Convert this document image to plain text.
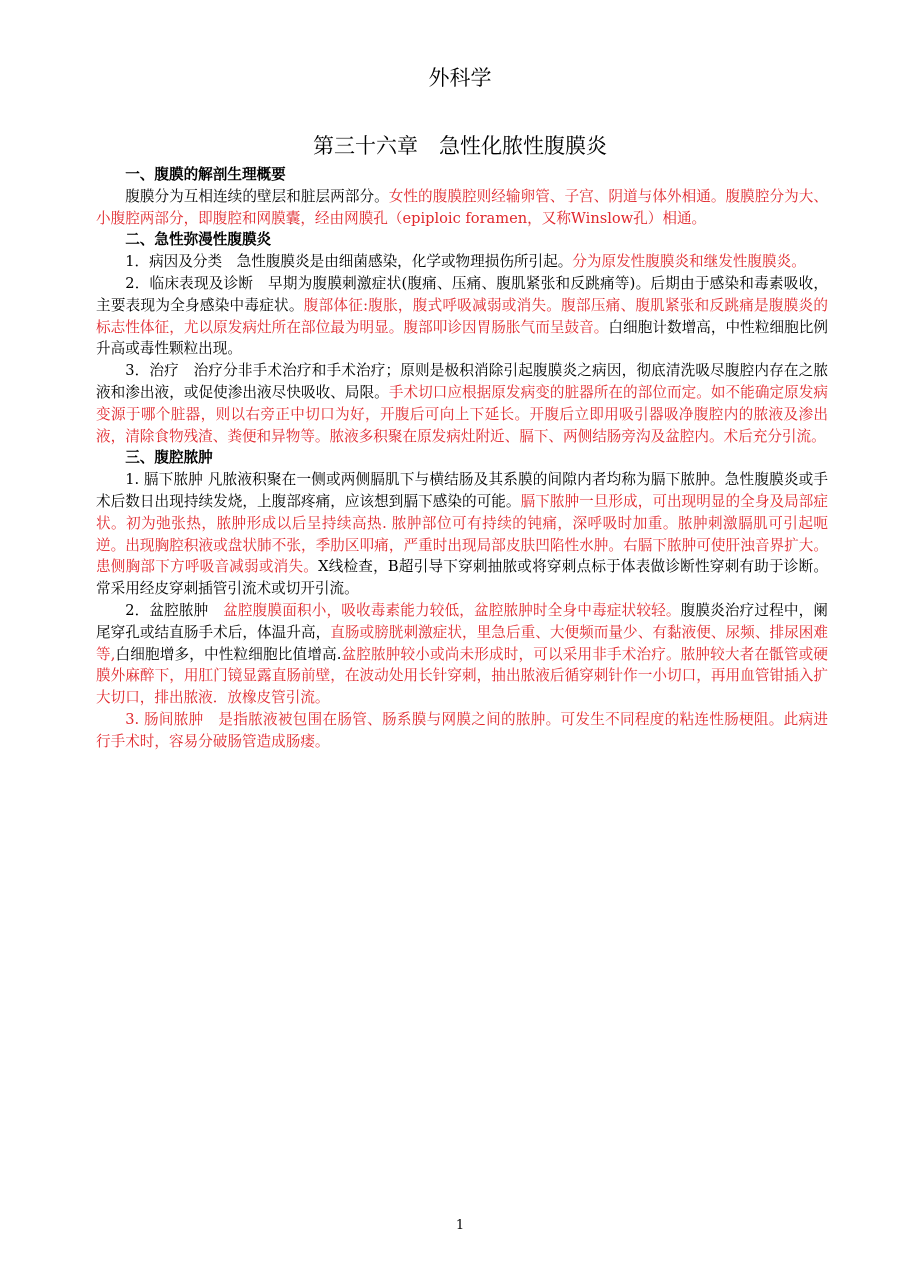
外科学
第三十六章　急性化脓性腹膜炎
一、腹膜的解剖生理概要
腹膜分为互相连续的壁层和脏层两部分。女性的腹膜腔则经输卵管、子宫、阴道与体外相通。腹膜腔分为大、小腹腔两部分，即腹腔和网膜囊，经由网膜孔（epiploic foramen，又称Winslow孔）相通。
二、急性弥漫性腹膜炎
1．病因及分类　急性腹膜炎是由细菌感染，化学或物理损伤所引起。分为原发性腹膜炎和继发性腹膜炎。
2．临床表现及诊断　早期为腹膜刺激症状(腹痛、压痛、腹肌紧张和反跳痛等)。后期由于感染和毒素吸收，主要表现为全身感染中毒症状。腹部体征:腹胀，腹式呼吸减弱或消失。腹部压痛、腹肌紧张和反跳痛是腹膜炎的标志性体征，尤以原发病灶所在部位最为明显。腹部叩诊因胃肠胀气而呈鼓音。白细胞计数增高，中性粒细胞比例升高或毒性颗粒出现。
3．治疗　治疗分非手术治疗和手术治疗；原则是极积消除引起腹膜炎之病因，彻底清洗吸尽腹腔内存在之脓液和渗出液，或促使渗出液尽快吸收、局限。手术切口应根据原发病变的脏器所在的部位而定。如不能确定原发病变源于哪个脏器，则以右旁正中切口为好，开腹后可向上下延长。开腹后立即用吸引器吸净腹腔内的脓液及渗出液，清除食物残渣、粪便和异物等。脓液多积聚在原发病灶附近、膈下、两侧结肠旁沟及盆腔内。术后充分引流。
三、腹腔脓肿
1. 膈下脓肿 凡脓液积聚在一侧或两侧膈肌下与横结肠及其系膜的间隙内者均称为膈下脓肿。急性腹膜炎或手术后数日出现持续发烧，上腹部疼痛，应该想到膈下感染的可能。膈下脓肿一旦形成，可出现明显的全身及局部症状。初为弛张热，脓肿形成以后呈持续高热. 脓肿部位可有持续的钝痛，深呼吸时加重。脓肿刺激膈肌可引起呃逆。出现胸腔积液或盘状肺不张，季肋区叩痛，严重时出现局部皮肤凹陷性水肿。右膈下脓肿可使肝浊音界扩大。患侧胸部下方呼吸音减弱或消失。X线检查，B超引导下穿刺抽脓或将穿刺点标于体表做诊断性穿刺有助于诊断。常采用经皮穿刺插管引流术或切开引流。
2．盆腔脓肿　盆腔腹膜面积小，吸收毒素能力较低，盆腔脓肿时全身中毒症状较轻。腹膜炎治疗过程中，阑尾穿孔或结直肠手术后，体温升高，直肠或膀胱刺激症状，里急后重、大便频而量少、有黏液便、尿频、排尿困难等,白细胞增多，中性粒细胞比值增高.盆腔脓肿较小或尚未形成时，可以采用非手术治疗。脓肿较大者在骶管或硬膜外麻醉下，用肛门镜显露直肠前壁，在波动处用长针穿刺，抽出脓液后循穿刺针作一小切口，再用血管钳插入扩大切口，排出脓液．放橡皮管引流。
3. 肠间脓肿　是指脓液被包围在肠管、肠系膜与网膜之间的脓肿。可发生不同程度的粘连性肠梗阻。此病进行手术时，容易分破肠管造成肠瘘。
1
